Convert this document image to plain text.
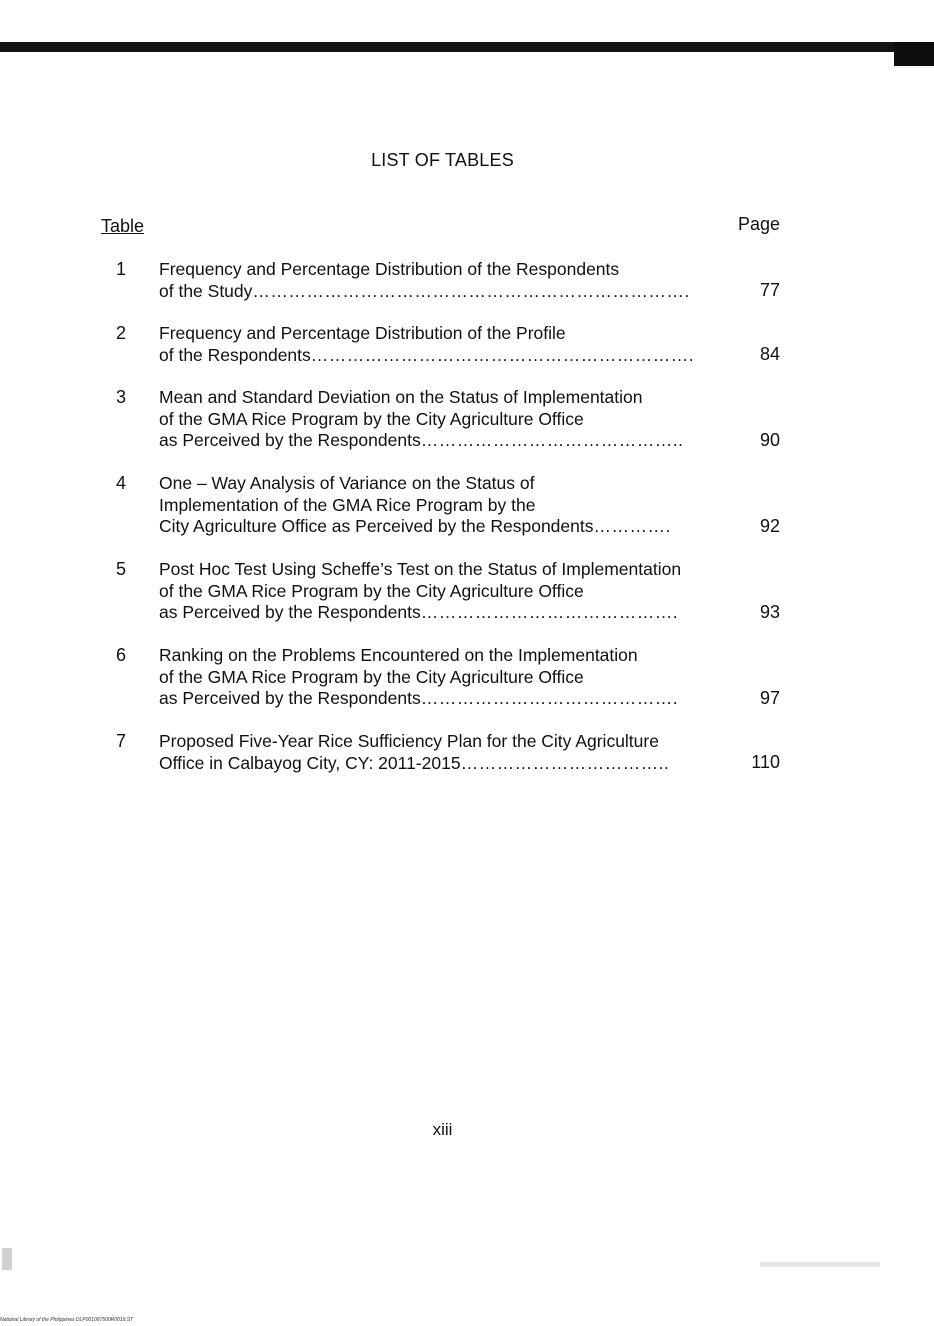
LIST OF TABLES
Table	Page
1 Frequency and Percentage Distribution of the Respondents
of the Study……………………………………………………………….	77
2 Frequency and Percentage Distribution of the Profile
of the Respondents……………………………………………………….	84
3 Mean and Standard Deviation on the Status of Implementation
of the GMA Rice Program by the City Agriculture Office
as Perceived by the Respondents……………………………………..	90
4 One – Way Analysis of Variance on the Status of
Implementation of the GMA Rice Program by the
City Agriculture Office as Perceived by the Respondents………….	92
5 Post Hoc Test Using Scheffe’s Test on the Status of Implementation
of the GMA Rice Program by the City Agriculture Office
as Perceived by the Respondents…………………………………….	93
6 Ranking on the Problems Encountered on the Implementation
of the GMA Rice Program by the City Agriculture Office
as Perceived by the Respondents…………………………………….	97
7 Proposed Five-Year Rice Sufficiency Plan for the City Agriculture
Office in Calbayog City, CY: 2011-2015……………………………..	110
xiii
National Library of the Philippines DLP001087500R0019.ST
